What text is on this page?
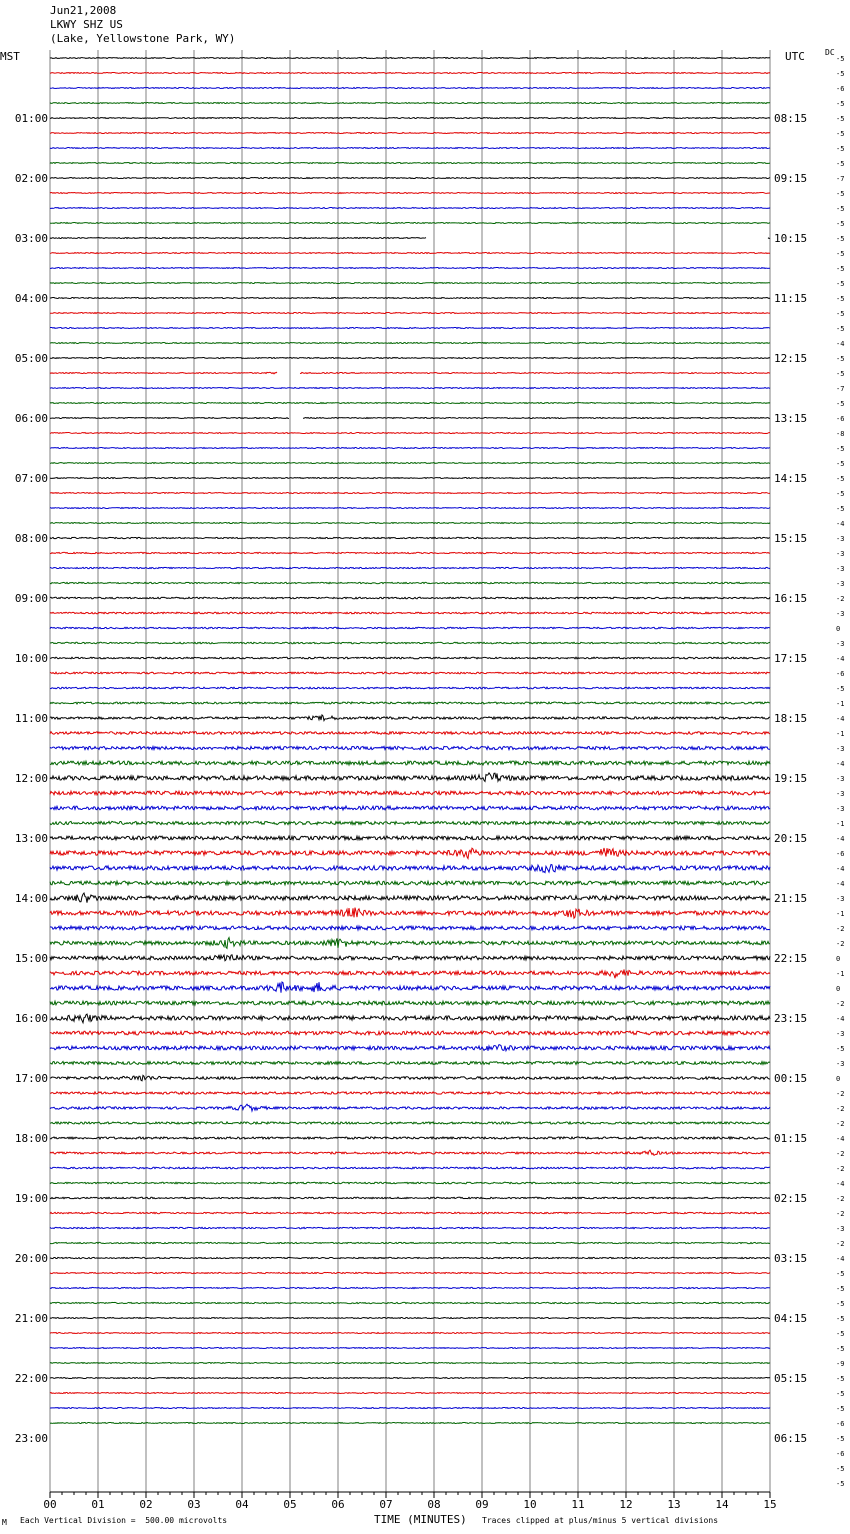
Jun21,2008
LKWY SHZ US
(Lake, Yellowstone Park, WY)
MST	UTC	DC
00	01	02	03	04	05	06	07	08	09	10	11	12	13	14	15
-5
-5
-6
-5
-5
-5
-5
-5
-7
-5
-5
-5
-5
-5
-5
-5
-5
-5
-5
-4
-5
-5
-7
-5
-6
-8
-5
-5
-5
-5
-5
-4
-3
-3
-3
-3
-2
-3
0
-3
-4
-6
-5
-1
-4
-1
-3
-4
-3
-3
-3
-1
-4
-6
-4
-4
-3
-1
-2
-2
0
-1
0
-2
-4
-3
-5
-3
0
-2
-2
-2
-4
-2
-2
-4
-2
-2
-3
-2
-4
-5
-5
-5
-5
-5
-5
-9
-5
-5
-5
-6
-5
-6
-5
-5
01:00	08:15
02:00	09:15
03:00	10:15
04:00	11:15
05:00	12:15
06:00	13:15
07:00	14:15
08:00	15:15
09:00	16:15
10:00	17:15
11:00	18:15
12:00	19:15
13:00	20:15
14:00	21:15
15:00	22:15
16:00	23:15
17:00	00:15
18:00	01:15
19:00	02:15
20:00	03:15
21:00	04:15
22:00	05:15
23:00	06:15
M Each Vertical Division =  500.00 microvolts	TIME (MINUTES) Traces clipped at plus/minus 5 vertical divisions
